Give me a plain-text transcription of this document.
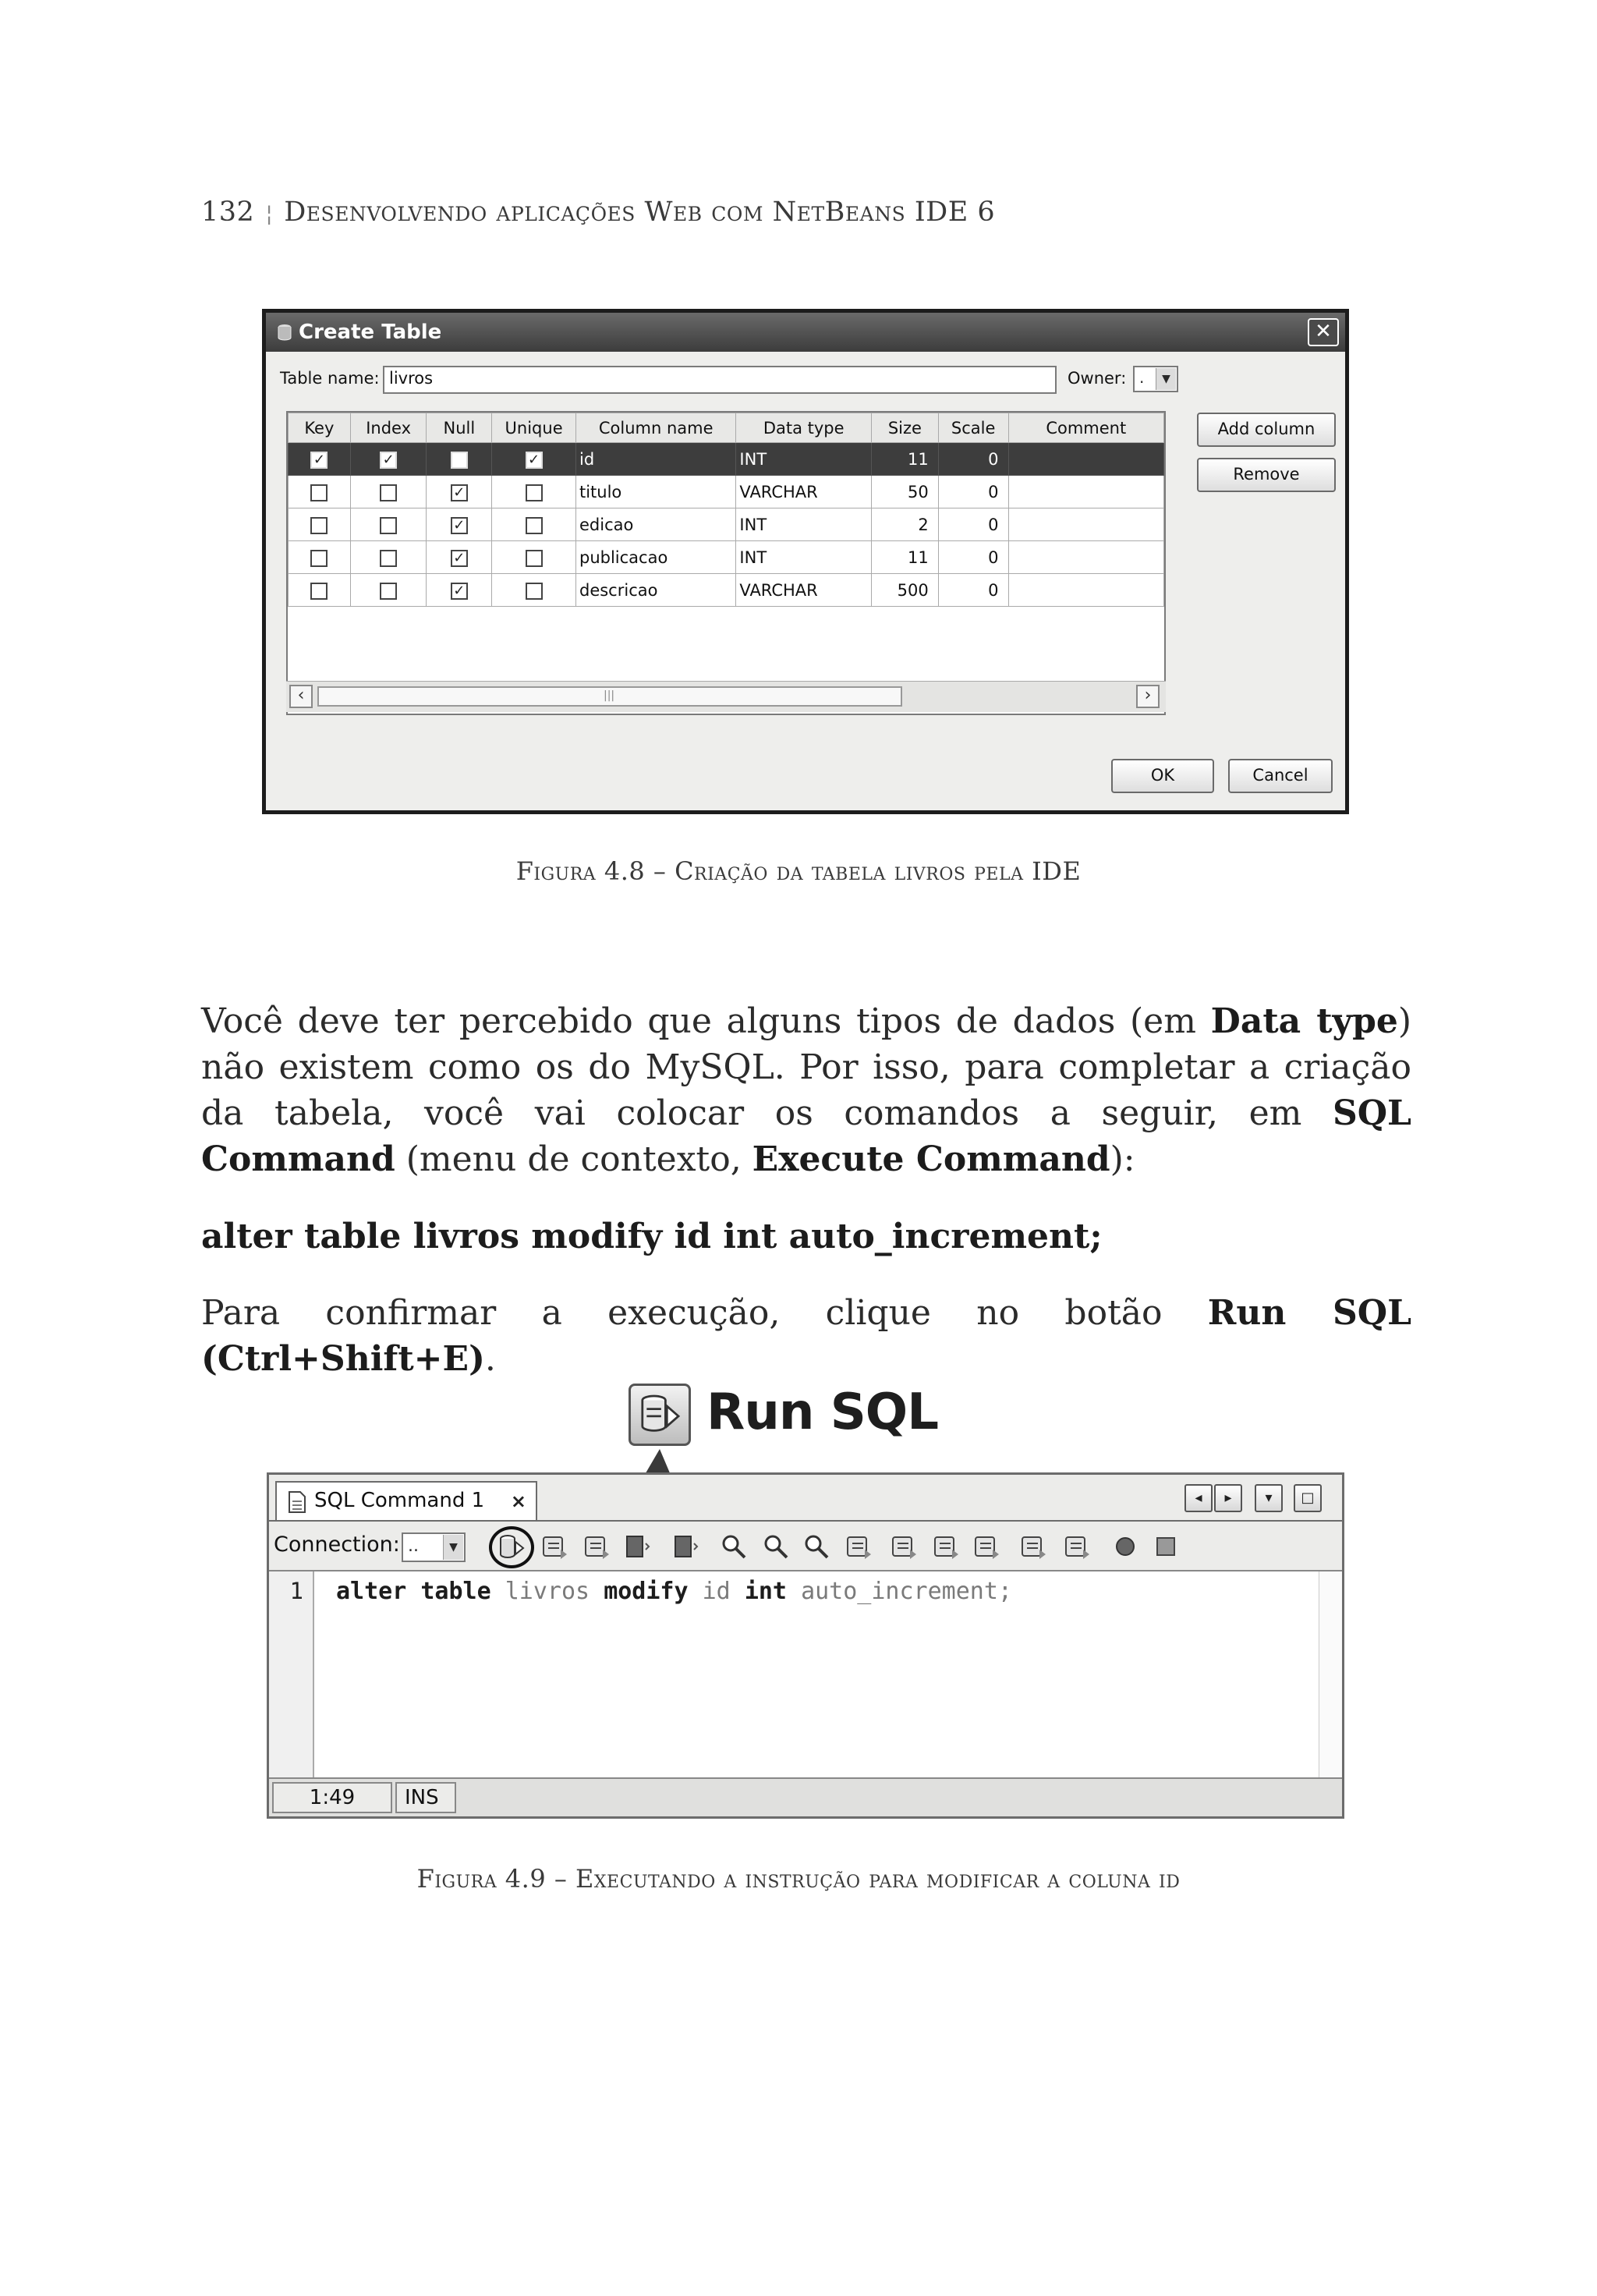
132 ¦ Desenvolvendo aplicações Web com NetBeans IDE 6
Create Table	✕
Table name: livros	Owner: .	▼
Key	Index	Null	Unique	Column name	Data type	Size	Scale	Comment
✓	✓		✓	id	INT	11	0	
		✓		titulo	VARCHAR	50	0	
		✓		edicao	INT	2	0	
		✓		publicacao	INT	11	0	
		✓		descricao	VARCHAR	500	0	
‹	|||	›
Add column
Remove
OK	Cancel
Figura 4.8 – Criação da tabela livros pela IDE

Você deve ter percebido que alguns tipos de dados (em Data type) não existem como os do MySQL. Por isso, para completar a criação da tabela, você vai colocar os comandos a seguir, em SQL Command (menu de contexto, Execute Command):

alter table livros modify id int auto_increment;

Para confirmar a execução, clique no botão Run SQL (Ctrl+Shift+E).

Run SQL
SQL Command 1 ×	◂	▸	▾	□
Connection: ..	▼
1 alter table livros modify id int auto_increment;
1:49	INS
Figura 4.9 – Executando a instrução para modificar a coluna id
